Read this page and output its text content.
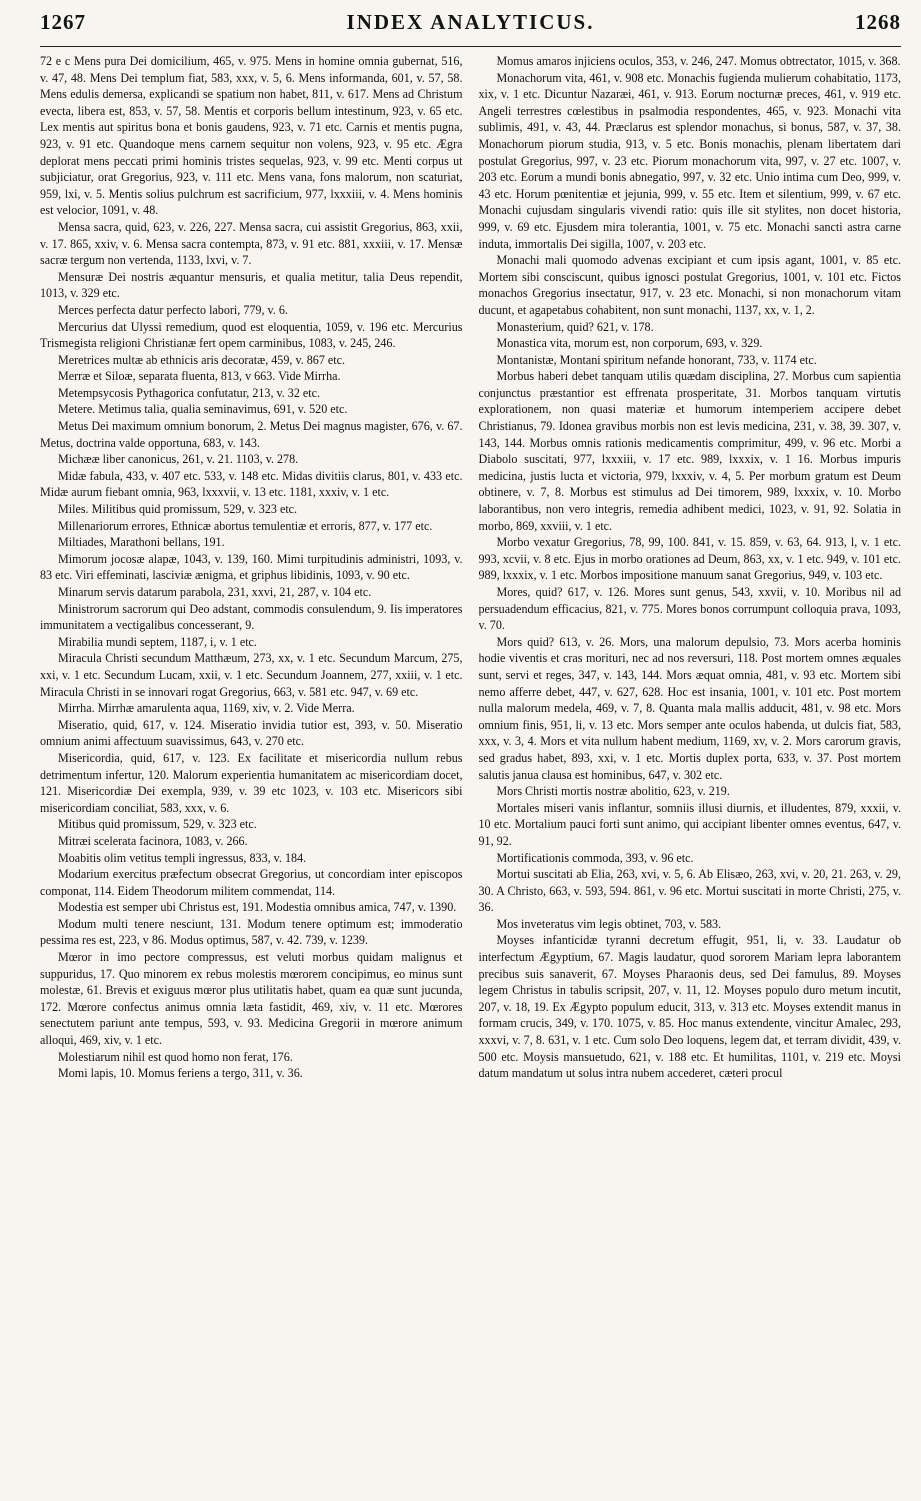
1267	INDEX ANALYTICUS.	1268

72 e c Mens pura Dei domicilium, 465, v. 975. Mens in homine omnia gubernat, 516, v. 47, 48. Mens Dei templum fiat, 583, xxx, v. 5, 6. Mens informanda, 601, v. 57, 58. Mens edulis demersa, explicandi se spatium non habet, 811, v. 617. Mens ad Christum evecta, libera est, 853, v. 57, 58. Mentis et corporis bellum intestinum, 923, v. 65 etc. Lex mentis aut spiritus bona et bonis gaudens, 923, v. 71 etc. Carnis et mentis pugna, 923, v. 91 etc. Quandoque mens carnem sequitur non volens, 923, v. 95 etc. Ægra deplorat mens peccati primi hominis tristes sequelas, 923, v. 99 etc. Menti corpus ut subjiciatur, orat Gregorius, 923, v. 111 etc. Mens vana, fons malorum, non scaturiat, 959, lxi, v. 5. Mentis solius pulchrum est sacrificium, 977, lxxxiii, v. 4. Mens hominis est velocior, 1091, v. 48.

Mensa sacra, quid, 623, v. 226, 227. Mensa sacra, cui assistit Gregorius, 863, xxii, v. 17. 865, xxiv, v. 6. Mensa sacra contempta, 873, v. 91 etc. 881, xxxiii, v. 17. Mensæ sacræ tergum non vertenda, 1133, lxvi, v. 7.

Mensuræ Dei nostris æquantur mensuris, et qualia metitur, talia Deus rependit, 1013, v. 329 etc.

Merces perfecta datur perfecto labori, 779, v. 6.

Mercurius dat Ulyssi remedium, quod est eloquentia, 1059, v. 196 etc. Mercurius Trismegista religioni Christianæ fert opem carminibus, 1083, v. 245, 246.

Meretrices multæ ab ethnicis aris decoratæ, 459, v. 867 etc.

Merræ et Siloæ, separata fluenta, 813, v 663. Vide Mirrha.

Metempsycosis Pythagorica confutatur, 213, v. 32 etc.

Metere. Metimus talia, qualia seminavimus, 691, v. 520 etc.

Metus Dei maximum omnium bonorum, 2. Metus Dei magnus magister, 676, v. 67. Metus, doctrina valde opportuna, 683, v. 143.

Michææ liber canonicus, 261, v. 21. 1103, v. 278.

Midæ fabula, 433, v. 407 etc. 533, v. 148 etc. Midas divitiis clarus, 801, v. 433 etc. Midæ aurum fiebant omnia, 963, lxxxvii, v. 13 etc. 1181, xxxiv, v. 1 etc.

Miles. Militibus quid promissum, 529, v. 323 etc.

Millenariorum errores, Ethnicæ abortus temulentiæ et erroris, 877, v. 177 etc.

Miltiades, Marathoni bellans, 191.

Mimorum jocosæ alapæ, 1043, v. 139, 160. Mimi turpitudinis administri, 1093, v. 83 etc. Viri effeminati, lasciviæ ænigma, et griphus libidinis, 1093, v. 90 etc.

Minarum servis datarum parabola, 231, xxvi, 21, 287, v. 104 etc.

Ministrorum sacrorum qui Deo adstant, commodis consulendum, 9. Iis imperatores immunitatem a vectigalibus concesserant, 9.

Mirabilia mundi septem, 1187, i, v. 1 etc.

Miracula Christi secundum Matthæum, 273, xx, v. 1 etc. Secundum Marcum, 275, xxi, v. 1 etc. Secundum Lucam, xxii, v. 1 etc. Secundum Joannem, 277, xxiii, v. 1 etc. Miracula Christi in se innovari rogat Gregorius, 663, v. 581 etc. 947, v. 69 etc.

Mirrha. Mirrhæ amarulenta aqua, 1169, xiv, v. 2. Vide Merra.

Miseratio, quid, 617, v. 124. Miseratio invidia tutior est, 393, v. 50. Miseratio omnium animi affectuum suavissimus, 643, v. 270 etc.

Misericordia, quid, 617, v. 123. Ex facilitate et misericordia nullum rebus detrimentum infertur, 120. Malorum experientia humanitatem ac misericordiam docet, 121. Misericordiæ Dei exempla, 939, v. 39 etc 1023, v. 103 etc. Misericors sibi misericordiam conciliat, 583, xxx, v. 6.

Mitibus quid promissum, 529, v. 323 etc.

Mitræi scelerata facinora, 1083, v. 266.

Moabitis olim vetitus templi ingressus, 833, v. 184.

Modarium exercitus præfectum obsecrat Gregorius, ut concordiam inter episcopos componat, 114. Eidem Theodorum militem commendat, 114.

Modestia est semper ubi Christus est, 191. Modestia omnibus amica, 747, v. 1390.

Modum multi tenere nesciunt, 131. Modum tenere optimum est; immoderatio pessima res est, 223, v 86. Modus optimus, 587, v. 42. 739, v. 1239.

Mœror in imo pectore compressus, est veluti morbus quidam malignus et suppuridus, 17. Quo minorem ex rebus molestis mœrorem concipimus, eo minus sunt molestæ, 61. Brevis et exiguus mœror plus utilitatis habet, quam ea quæ sunt jucunda, 172. Mœrore confectus animus omnia læta fastidit, 469, xiv, v. 11 etc. Mœrores senectutem pariunt ante tempus, 593, v. 93. Medicina Gregorii in mœrore animum alloqui, 469, xiv, v. 1 etc.

Molestiarum nihil est quod homo non ferat, 176.

Momi lapis, 10. Momus feriens a tergo, 311, v. 36.

Momus amaros injiciens oculos, 353, v. 246, 247. Momus obtrectator, 1015, v. 368.

Monachorum vita, 461, v. 908 etc. Monachis fugienda mulierum cohabitatio, 1173, xix, v. 1 etc. Dicuntur Nazaræi, 461, v. 913. Eorum nocturnæ preces, 461, v. 919 etc. Angeli terrestres cœlestibus in psalmodia respondentes, 465, v. 923. Monachi vita sublimis, 491, v. 43, 44. Præclarus est splendor monachus, si bonus, 587, v. 37, 38. Monachorum piorum studia, 913, v. 5 etc. Bonis monachis, plenam libertatem dari postulat Gregorius, 997, v. 23 etc. Piorum monachorum vita, 997, v. 27 etc. 1007, v. 203 etc. Eorum a mundi bonis abnegatio, 997, v. 32 etc. Unio intima cum Deo, 999, v. 43 etc. Horum pœnitentiæ et jejunia, 999, v. 55 etc. Item et silentium, 999, v. 67 etc. Monachi cujusdam singularis vivendi ratio: quis ille sit stylites, non docet historia, 999, v. 69 etc. Ejusdem mira tolerantia, 1001, v. 75 etc. Monachi sancti astra carne induta, immortalis Dei sigilla, 1007, v. 203 etc.

Monachi mali quomodo advenas excipiant et cum ipsis agant, 1001, v. 85 etc. Mortem sibi consciscunt, quibus ignosci postulat Gregorius, 1001, v. 101 etc. Fictos monachos Gregorius insectatur, 917, v. 23 etc. Monachi, si non monachorum vitam ducunt, et agapetabus cohabitent, non sunt monachi, 1137, xx, v. 1, 2.

Monasterium, quid? 621, v. 178.

Monastica vita, morum est, non corporum, 693, v. 329.

Montanistæ, Montani spiritum nefande honorant, 733, v. 1174 etc.

Morbus haberi debet tanquam utilis quædam disciplina, 27. Morbus cum sapientia conjunctus præstantior est effrenata prosperitate, 31. Morbos tanquam virtutis explorationem, non quasi materiæ et humorum intemperiem accipere debet Christianus, 79. Idonea gravibus morbis non est levis medicina, 231, v. 38, 39. 307, v. 143, 144. Morbus omnis rationis medicamentis comprimitur, 499, v. 96 etc. Morbi a Diabolo suscitati, 977, lxxxiii, v. 17 etc. 989, lxxxix, v. 1 16. Morbus impuris medicina, justis lucta et victoria, 979, lxxxiv, v. 4, 5. Per morbum gratum est Deum obtinere, v. 7, 8. Morbus est stimulus ad Dei timorem, 989, lxxxix, v. 10. Morbo laborantibus, non vero integris, remedia adhibent medici, 1023, v. 91, 92. Solatia in morbo, 869, xxviii, v. 1 etc.

Morbo vexatur Gregorius, 78, 99, 100. 841, v. 15. 859, v. 63, 64. 913, l, v. 1 etc. 993, xcvii, v. 8 etc. Ejus in morbo orationes ad Deum, 863, xx, v. 1 etc. 949, v. 101 etc. 989, lxxxix, v. 1 etc. Morbos impositione manuum sanat Gregorius, 949, v. 103 etc.

Mores, quid? 617, v. 126. Mores sunt genus, 543, xxvii, v. 10. Moribus nil ad persuadendum efficacius, 821, v. 775. Mores bonos corrumpunt colloquia prava, 1093, v. 70.

Mors quid? 613, v. 26. Mors, una malorum depulsio, 73. Mors acerba hominis hodie viventis et cras morituri, nec ad nos reversuri, 118. Post mortem omnes æquales sunt, servi et reges, 347, v. 143, 144. Mors æquat omnia, 481, v. 93 etc. Mortem sibi nemo afferre debet, 447, v. 627, 628. Hoc est insania, 1001, v. 101 etc. Post mortem nulla malorum medela, 469, v. 7, 8. Quanta mala mallis adducit, 481, v. 98 etc. Mors omnium finis, 951, li, v. 13 etc. Mors semper ante oculos habenda, ut dulcis fiat, 583, xxx, v. 3, 4. Mors et vita nullum habent medium, 1169, xv, v. 2. Mors carorum gravis, sed gradus habet, 893, xxi, v. 1 etc. Mortis duplex porta, 633, v. 37. Post mortem salutis janua clausa est hominibus, 647, v. 302 etc.

Mors Christi mortis nostræ abolitio, 623, v. 219.

Mortales miseri vanis inflantur, somniis illusi diurnis, et illudentes, 879, xxxii, v. 10 etc. Mortalium pauci forti sunt animo, qui accipiant libenter omnes eventus, 647, v. 91, 92.

Mortificationis commoda, 393, v. 96 etc.

Mortui suscitati ab Elia, 263, xvi, v. 5, 6. Ab Elisæo, 263, xvi, v. 20, 21. 263, v. 29, 30. A Christo, 663, v. 593, 594. 861, v. 96 etc. Mortui suscitati in morte Christi, 275, v. 36.

Mos inveteratus vim legis obtinet, 703, v. 583.

Moyses infanticidæ tyranni decretum effugit, 951, li, v. 33. Laudatur ob interfectum Ægyptium, 67. Magis laudatur, quod sororem Mariam lepra laborantem precibus suis sanaverit, 67. Moyses Pharaonis deus, sed Dei famulus, 89. Moyses legem Christus in tabulis scripsit, 207, v. 11, 12. Moyses populo duro metum incutit, 207, v. 18, 19. Ex Ægypto populum educit, 313, v. 313 etc. Moyses extendit manus in formam crucis, 349, v. 170. 1075, v. 85. Hoc manus extendente, vincitur Amalec, 293, xxxvi, v. 7, 8. 631, v. 1 etc. Cum solo Deo loquens, legem dat, et terram dividit, 439, v. 500 etc. Moysis mansuetudo, 621, v. 188 etc. Et humilitas, 1101, v. 219 etc. Moysi datum mandatum ut solus intra nubem accederet, cæteri procul
